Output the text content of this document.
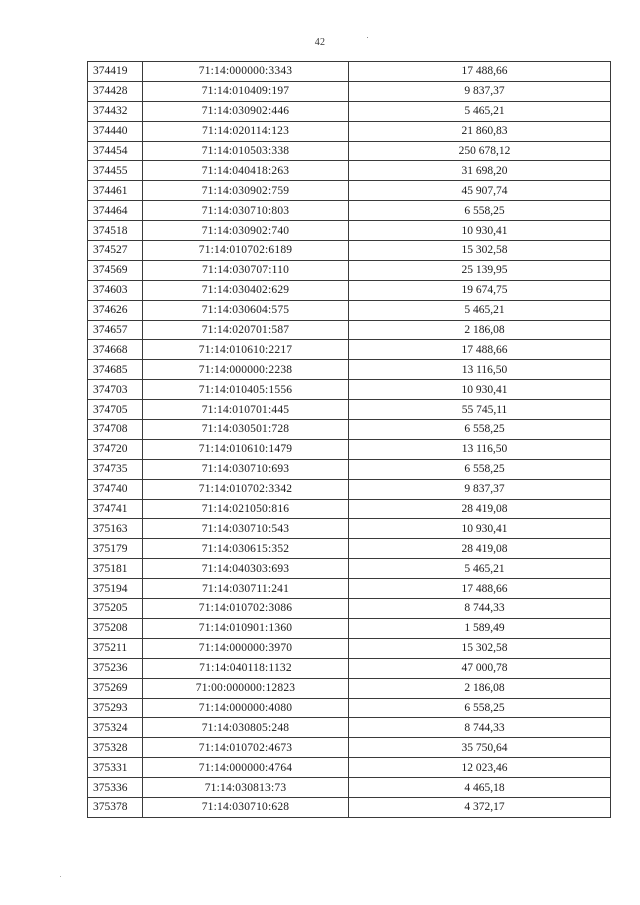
42
374419	71:14:000000:3343	17 488,66
374428	71:14:010409:197	9 837,37
374432	71:14:030902:446	5 465,21
374440	71:14:020114:123	21 860,83
374454	71:14:010503:338	250 678,12
374455	71:14:040418:263	31 698,20
374461	71:14:030902:759	45 907,74
374464	71:14:030710:803	6 558,25
374518	71:14:030902:740	10 930,41
374527	71:14:010702:6189	15 302,58
374569	71:14:030707:110	25 139,95
374603	71:14:030402:629	19 674,75
374626	71:14:030604:575	5 465,21
374657	71:14:020701:587	2 186,08
374668	71:14:010610:2217	17 488,66
374685	71:14:000000:2238	13 116,50
374703	71:14:010405:1556	10 930,41
374705	71:14:010701:445	55 745,11
374708	71:14:030501:728	6 558,25
374720	71:14:010610:1479	13 116,50
374735	71:14:030710:693	6 558,25
374740	71:14:010702:3342	9 837,37
374741	71:14:021050:816	28 419,08
375163	71:14:030710:543	10 930,41
375179	71:14:030615:352	28 419,08
375181	71:14:040303:693	5 465,21
375194	71:14:030711:241	17 488,66
375205	71:14:010702:3086	8 744,33
375208	71:14:010901:1360	1 589,49
375211	71:14:000000:3970	15 302,58
375236	71:14:040118:1132	47 000,78
375269	71:00:000000:12823	2 186,08
375293	71:14:000000:4080	6 558,25
375324	71:14:030805:248	8 744,33
375328	71:14:010702:4673	35 750,64
375331	71:14:000000:4764	12 023,46
375336	71:14:030813:73	4 465,18
375378	71:14:030710:628	4 372,17
